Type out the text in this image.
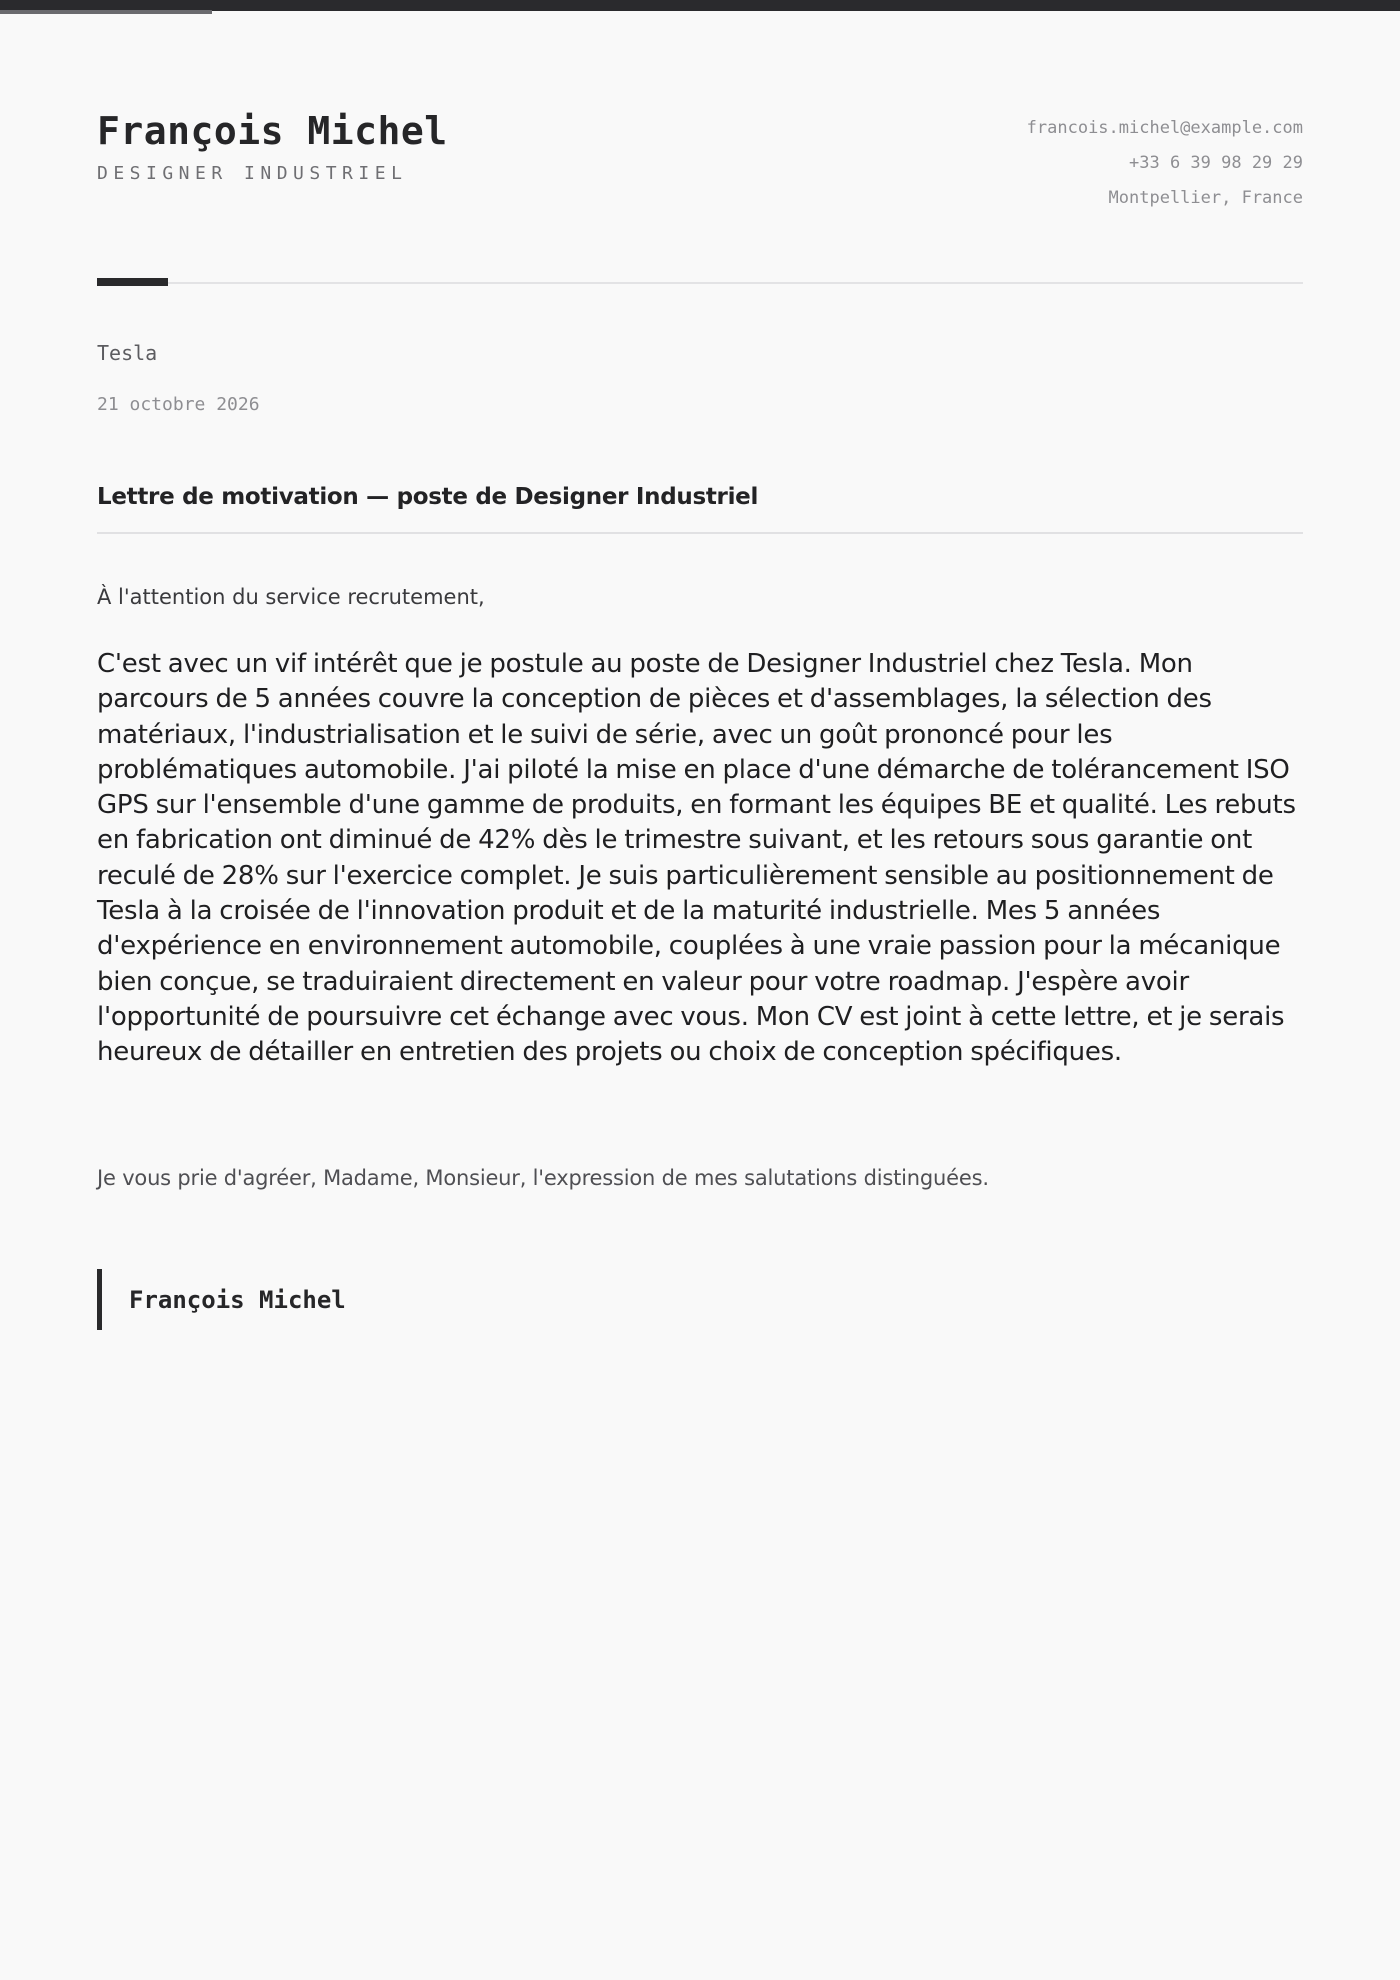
François Michel
DESIGNER INDUSTRIEL
francois.michel@example.com
+33 6 39 98 29 29
Montpellier, France
Tesla
21 octobre 2026
Lettre de motivation — poste de Designer Industriel
À l'attention du service recrutement,

C'est avec un vif intérêt que je postule au poste de Designer Industriel chez Tesla. Mon parcours de 5 années couvre la conception de pièces et d'assemblages, la sélection des matériaux, l'industrialisation et le suivi de série, avec un goût prononcé pour les problématiques automobile. J'ai piloté la mise en place d'une démarche de tolérancement ISO GPS sur l'ensemble d'une gamme de produits, en formant les équipes BE et qualité. Les rebuts en fabrication ont diminué de 42% dès le trimestre suivant, et les retours sous garantie ont reculé de 28% sur l'exercice complet. Je suis particulièrement sensible au positionnement de Tesla à la croisée de l'innovation produit et de la maturité industrielle. Mes 5 années d'expérience en environnement automobile, couplées à une vraie passion pour la mécanique bien conçue, se traduiraient directement en valeur pour votre roadmap. J'espère avoir l'opportunité de poursuivre cet échange avec vous. Mon CV est joint à cette lettre, et je serais heureux de détailler en entretien des projets ou choix de conception spécifiques.

Je vous prie d'agréer, Madame, Monsieur, l'expression de mes salutations distinguées.
François Michel
